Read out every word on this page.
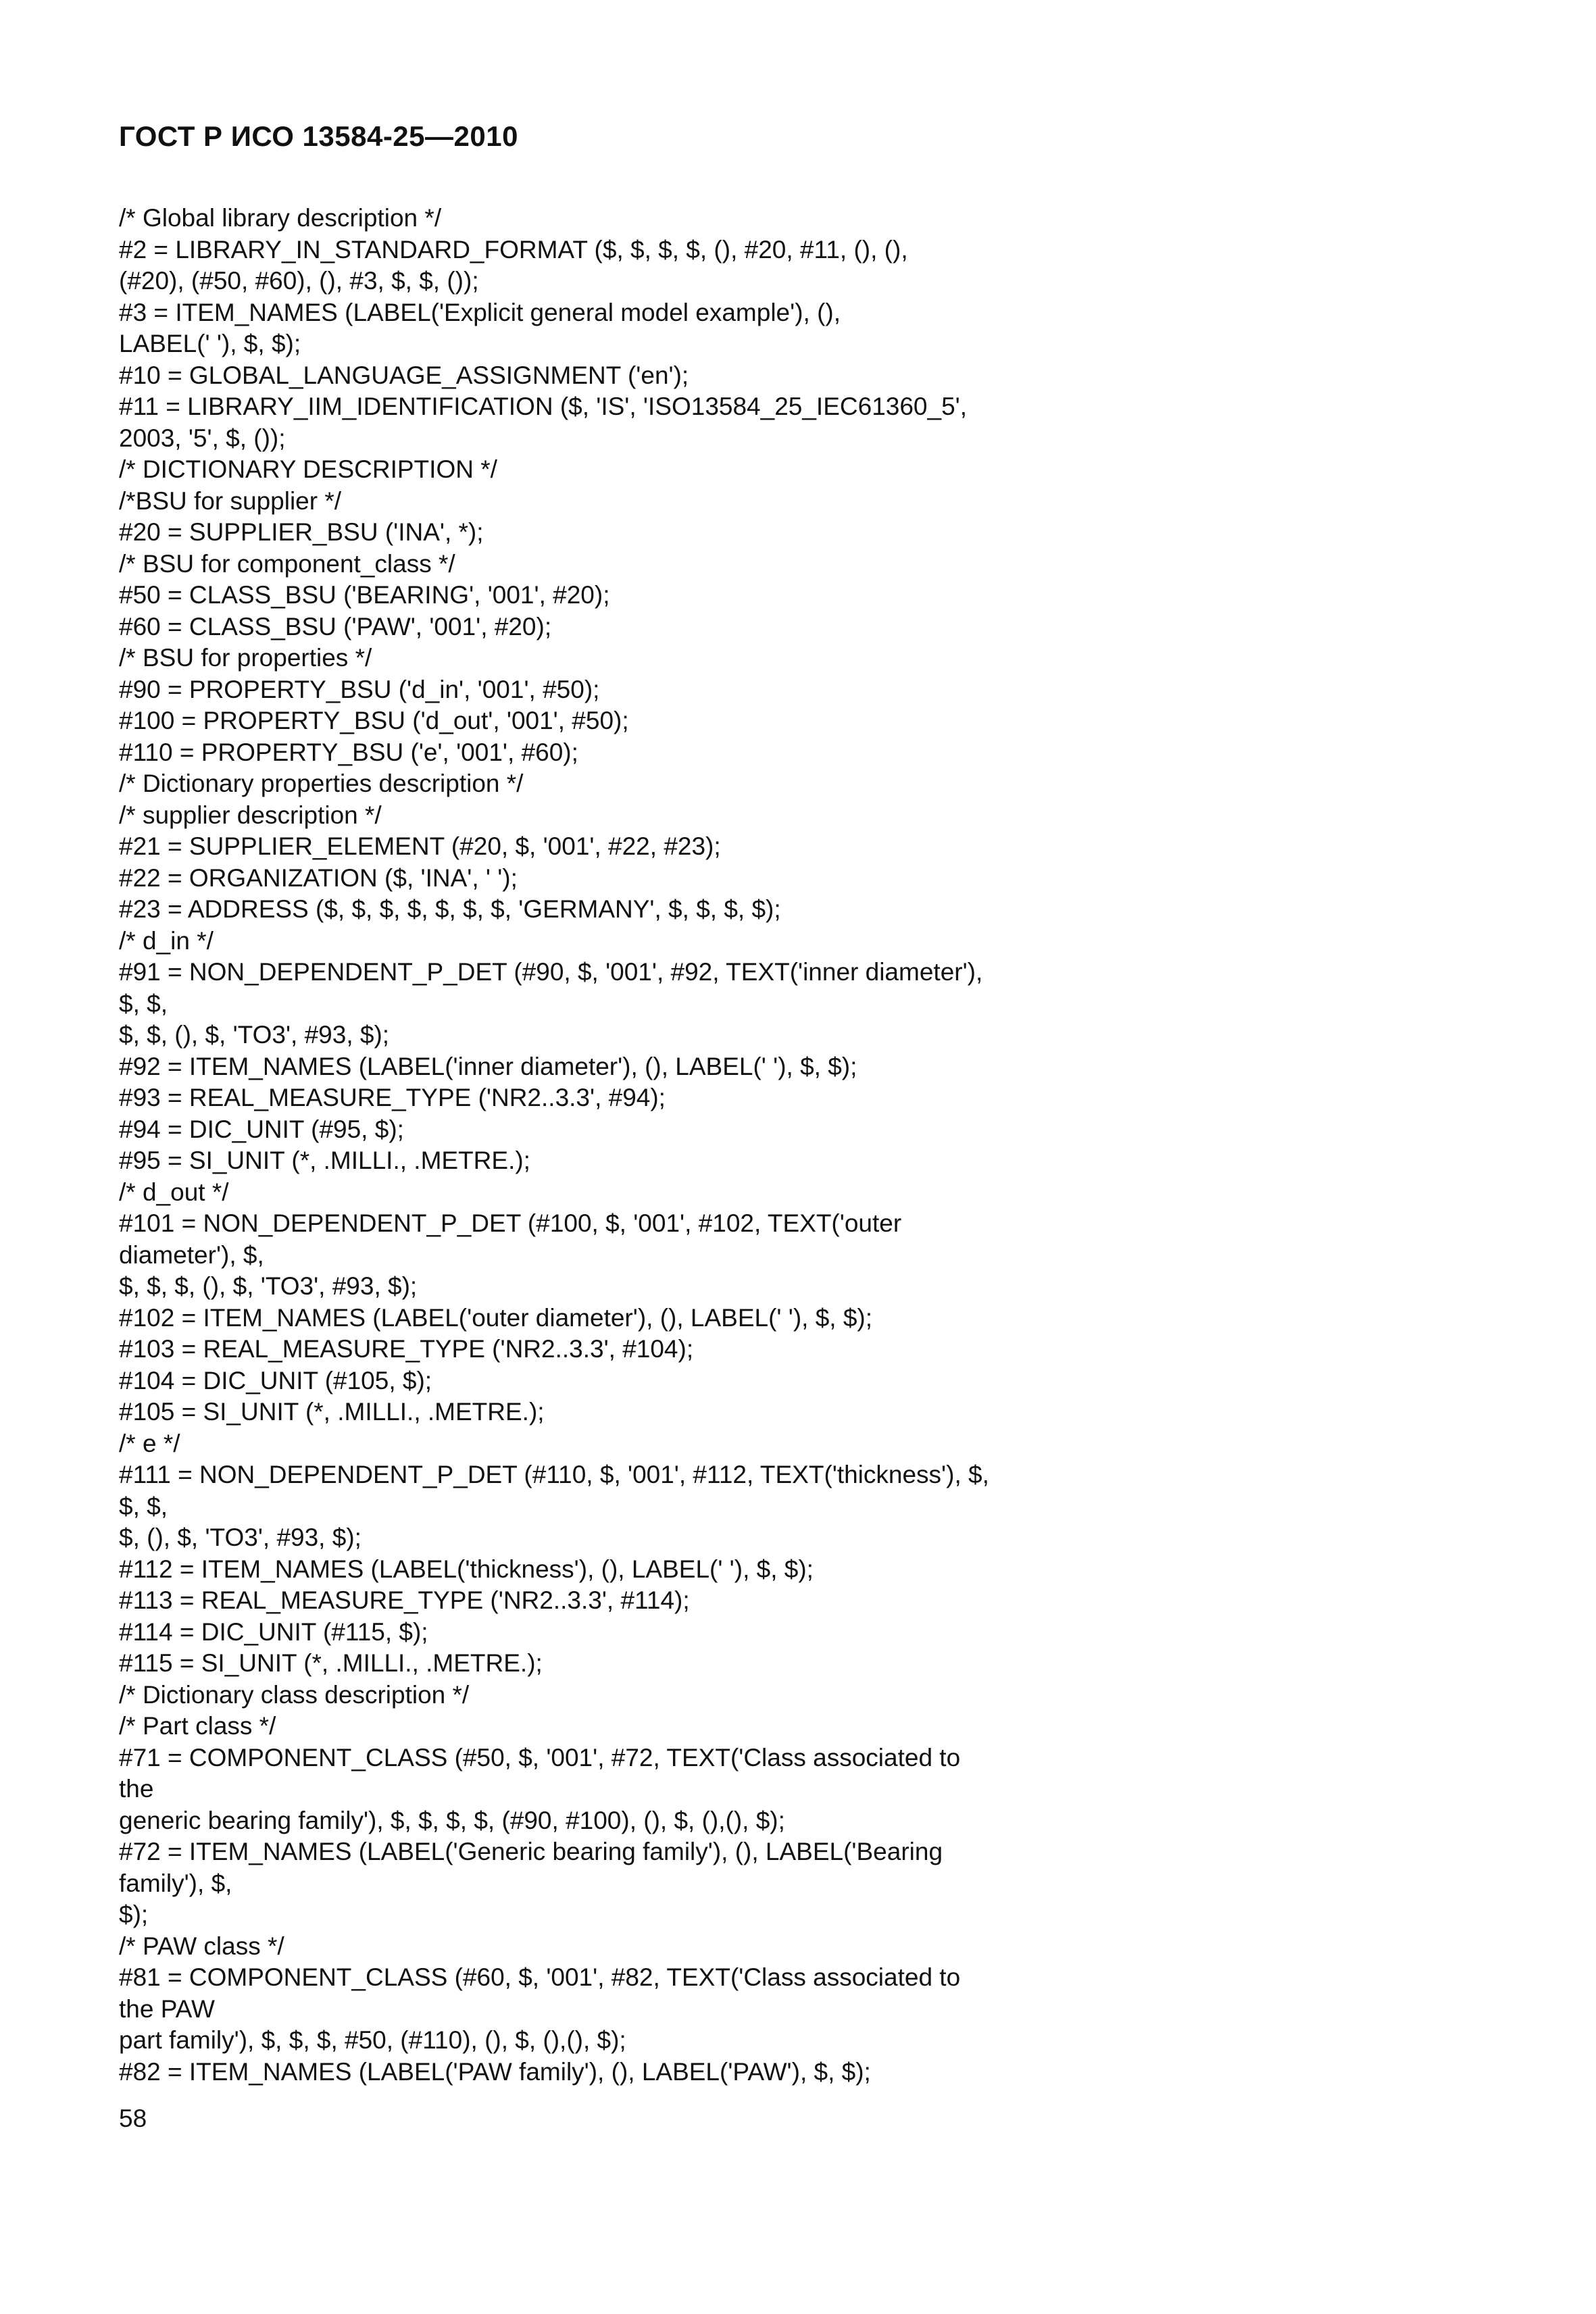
ГОСТ Р ИСО 13584-25—2010
/* Global library description */
#2 = LIBRARY_IN_STANDARD_FORMAT ($, $, $, $, (), #20, #11, (), (),
(#20), (#50, #60), (), #3, $, $, ());
#3 = ITEM_NAMES (LABEL('Explicit general model example'), (),
LABEL(' '), $, $);
#10 = GLOBAL_LANGUAGE_ASSIGNMENT ('en');
#11 = LIBRARY_IIM_IDENTIFICATION ($, 'IS', 'ISO13584_25_IEC61360_5',
2003, '5', $, ());
/* DICTIONARY DESCRIPTION */
/*BSU for supplier */
#20 = SUPPLIER_BSU ('INA', *);
/* BSU for component_class */
#50 = CLASS_BSU ('BEARING', '001', #20);
#60 = CLASS_BSU ('PAW', '001', #20);
/* BSU for properties */
#90 = PROPERTY_BSU ('d_in', '001', #50);
#100 = PROPERTY_BSU ('d_out', '001', #50);
#110 = PROPERTY_BSU ('e', '001', #60);
/* Dictionary properties description */
/* supplier description */
#21 = SUPPLIER_ELEMENT (#20, $, '001', #22, #23);
#22 = ORGANIZATION ($, 'INA', ' ');
#23 = ADDRESS ($, $, $, $, $, $, $, 'GERMANY', $, $, $, $);
/* d_in */
#91 = NON_DEPENDENT_P_DET (#90, $, '001', #92, TEXT('inner diameter'),
$, $,
$, $, (), $, 'TO3', #93, $);
#92 = ITEM_NAMES (LABEL('inner diameter'), (), LABEL(' '), $, $);
#93 = REAL_MEASURE_TYPE ('NR2..3.3', #94);
#94 = DIC_UNIT (#95, $);
#95 = SI_UNIT (*, .MILLI., .METRE.);
/* d_out */
#101 = NON_DEPENDENT_P_DET (#100, $, '001', #102, TEXT('outer
diameter'), $,
$, $, $, (), $, 'TO3', #93, $);
#102 = ITEM_NAMES (LABEL('outer diameter'), (), LABEL(' '), $, $);
#103 = REAL_MEASURE_TYPE ('NR2..3.3', #104);
#104 = DIC_UNIT (#105, $);
#105 = SI_UNIT (*, .MILLI., .METRE.);
/* e */
#111 = NON_DEPENDENT_P_DET (#110, $, '001', #112, TEXT('thickness'), $,
$, $,
$, (), $, 'TO3', #93, $);
#112 = ITEM_NAMES (LABEL('thickness'), (), LABEL(' '), $, $);
#113 = REAL_MEASURE_TYPE ('NR2..3.3', #114);
#114 = DIC_UNIT (#115, $);
#115 = SI_UNIT (*, .MILLI., .METRE.);
/* Dictionary class description */
/* Part class */
#71 = COMPONENT_CLASS (#50, $, '001', #72, TEXT('Class associated to
the
generic bearing family'), $, $, $, $, (#90, #100), (), $, (),(), $);
#72 = ITEM_NAMES (LABEL('Generic bearing family'), (), LABEL('Bearing
family'), $,
$);
/* PAW class */
#81 = COMPONENT_CLASS (#60, $, '001', #82, TEXT('Class associated to
the PAW
part family'), $, $, $, #50, (#110), (), $, (),(), $);
#82 = ITEM_NAMES (LABEL('PAW family'), (), LABEL('PAW'), $, $);
58
